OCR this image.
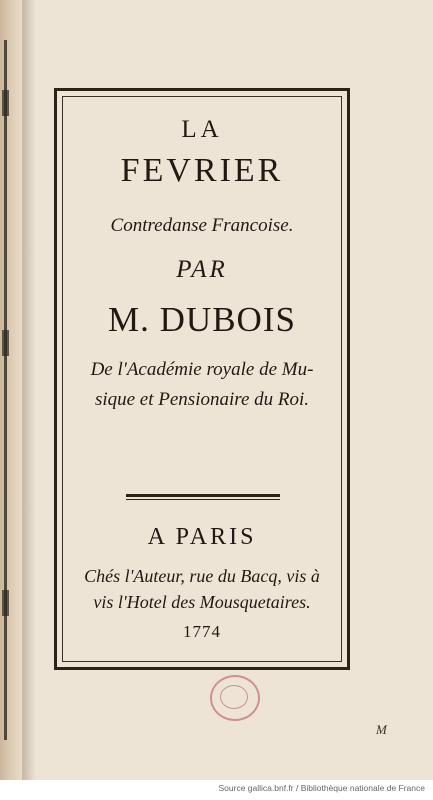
LA
FEVRIER
Contredanse Francoise.
PAR
M. DUBOIS
De l'Académie royale de Mu-
sique et Pensionaire du Roi.
A PARIS
Chés l'Auteur, rue du Bacq, vis à
vis l'Hotel des Mousquetaires.
1774
M
Source gallica.bnf.fr / Bibliothèque nationale de France
